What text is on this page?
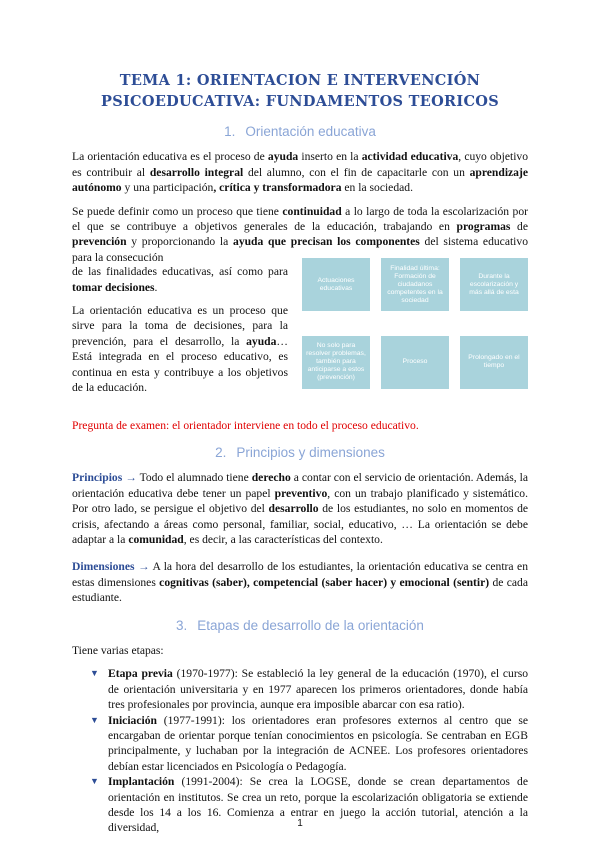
TEMA 1: ORIENTACION E INTERVENCIÓN
PSICOEDUCATIVA: FUNDAMENTOS TEORICOS
1. Orientación educativa

La orientación educativa es el proceso de ayuda inserto en la actividad educativa, cuyo objetivo es contribuir al desarrollo integral del alumno, con el fin de capacitarle con un aprendizaje autónomo y una participación, crítica y transformadora en la sociedad.

Se puede definir como un proceso que tiene continuidad a lo largo de toda la escolarización por el que se contribuye a objetivos generales de la educación, trabajando en programas de prevención y proporcionando la ayuda que precisan los componentes del sistema educativo para la consecución

de las finalidades educativas, así como para tomar decisiones.

La orientación educativa es un proceso que sirve para la toma de decisiones, para la prevención, para el desarrollo, la ayuda… Está integrada en el proceso educativo, es continua en esta y contribuye a los objetivos de la educación.

Actuaciones educativas
Finalidad última: Formación de ciudadanos competentes en la sociedad
Durante la escolarización y más allá de esta
No solo para resolver problemas, también para anticiparse a estos (prevención)
Proceso
Prolongado en el tiempo

Pregunta de examen: el orientador interviene en todo el proceso educativo.

2. Principios y dimensiones

Principios → Todo el alumnado tiene derecho a contar con el servicio de orientación. Además, la orientación educativa debe tener un papel preventivo, con un trabajo planificado y sistemático. Por otro lado, se persigue el objetivo del desarrollo de los estudiantes, no solo en momentos de crisis, afectando a áreas como personal, familiar, social, educativo, … La orientación se debe adaptar a la comunidad, es decir, a las características del contexto.

Dimensiones → A la hora del desarrollo de los estudiantes, la orientación educativa se centra en estas dimensiones cognitivas (saber), competencial (saber hacer) y emocional (sentir) de cada estudiante.

3. Etapas de desarrollo de la orientación

Tiene varias etapas:

▼ Etapa previa (1970-1977): Se estableció la ley general de la educación (1970), el curso de orientación universitaria y en 1977 aparecen los primeros orientadores, donde había tres profesionales por provincia, aunque era imposible abarcar con esa ratio).
▼ Iniciación (1977-1991): los orientadores eran profesores externos al centro que se encargaban de orientar porque tenían conocimientos en psicología. Se centraban en EGB principalmente, y luchaban por la integración de ACNEE. Los profesores orientadores debían estar licenciados en Psicología o Pedagogía.
▼ Implantación (1991-2004): Se crea la LOGSE, donde se crean departamentos de orientación en institutos. Se crea un reto, porque la escolarización obligatoria se extiende desde los 14 a los 16. Comienza a entrar en juego la acción tutorial, atención a la diversidad,	1
